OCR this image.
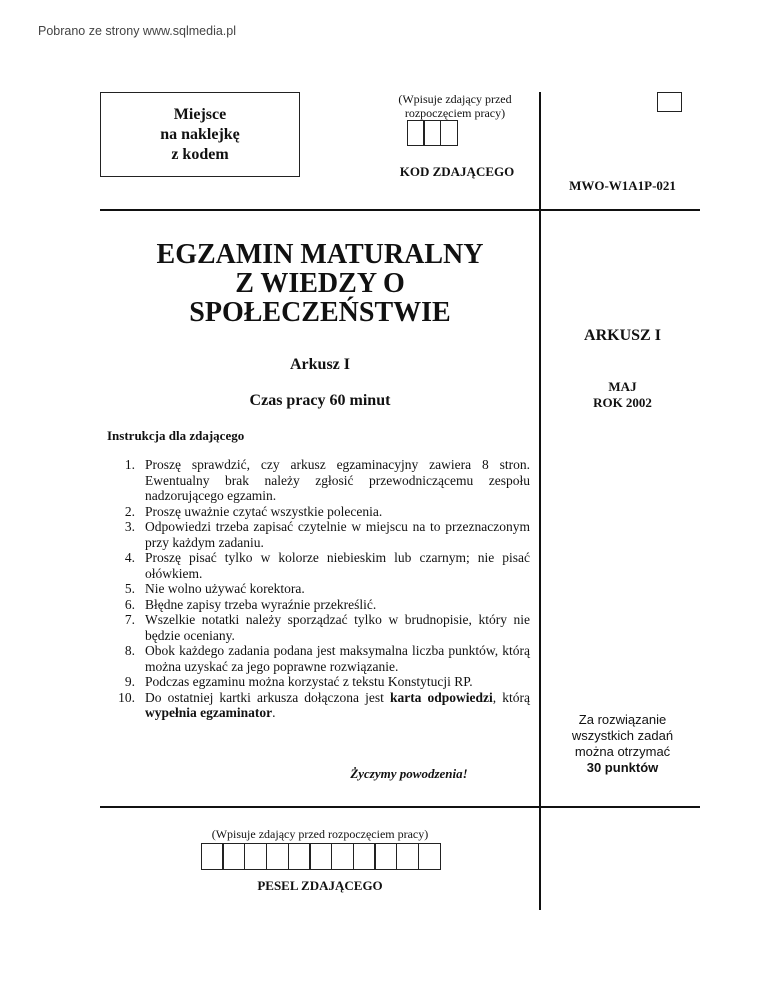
Pobrano ze strony www.sqlmedia.pl
Miejsce
na naklejkę
z kodem
(Wpisuje zdający przed
rozpoczęciem pracy)
KOD ZDAJĄCEGO
MWO-W1A1P-021
EGZAMIN MATURALNY
Z WIEDZY O
SPOŁECZEŃSTWIE
ARKUSZ I
Arkusz I
MAJ
ROK 2002
Czas pracy 60 minut
Instrukcja dla zdającego
1. Proszę sprawdzić, czy arkusz egzaminacyjny zawiera 8 stron. Ewentualny brak należy zgłosić przewodniczącemu zespołu nadzorującego egzamin.
2. Proszę uważnie czytać wszystkie polecenia.
3. Odpowiedzi trzeba zapisać czytelnie w miejscu na to przeznaczonym przy każdym zadaniu.
4. Proszę pisać tylko w kolorze niebieskim lub czarnym; nie pisać ołówkiem.
5. Nie wolno używać korektora.
6. Błędne zapisy trzeba wyraźnie przekreślić.
7. Wszelkie notatki należy sporządzać tylko w brudnopisie, który nie będzie oceniany.
8. Obok każdego zadania podana jest maksymalna liczba punktów, którą można uzyskać za jego poprawne rozwiązanie.
9. Podczas egzaminu można korzystać z tekstu Konstytucji RP.
10. Do ostatniej kartki arkusza dołączona jest karta odpowiedzi, którą wypełnia egzaminator.	Za rozwiązanie
wszystkich zadań
można otrzymać
30 punktów
Życzymy powodzenia!
(Wpisuje zdający przed rozpoczęciem pracy)
PESEL ZDAJĄCEGO
